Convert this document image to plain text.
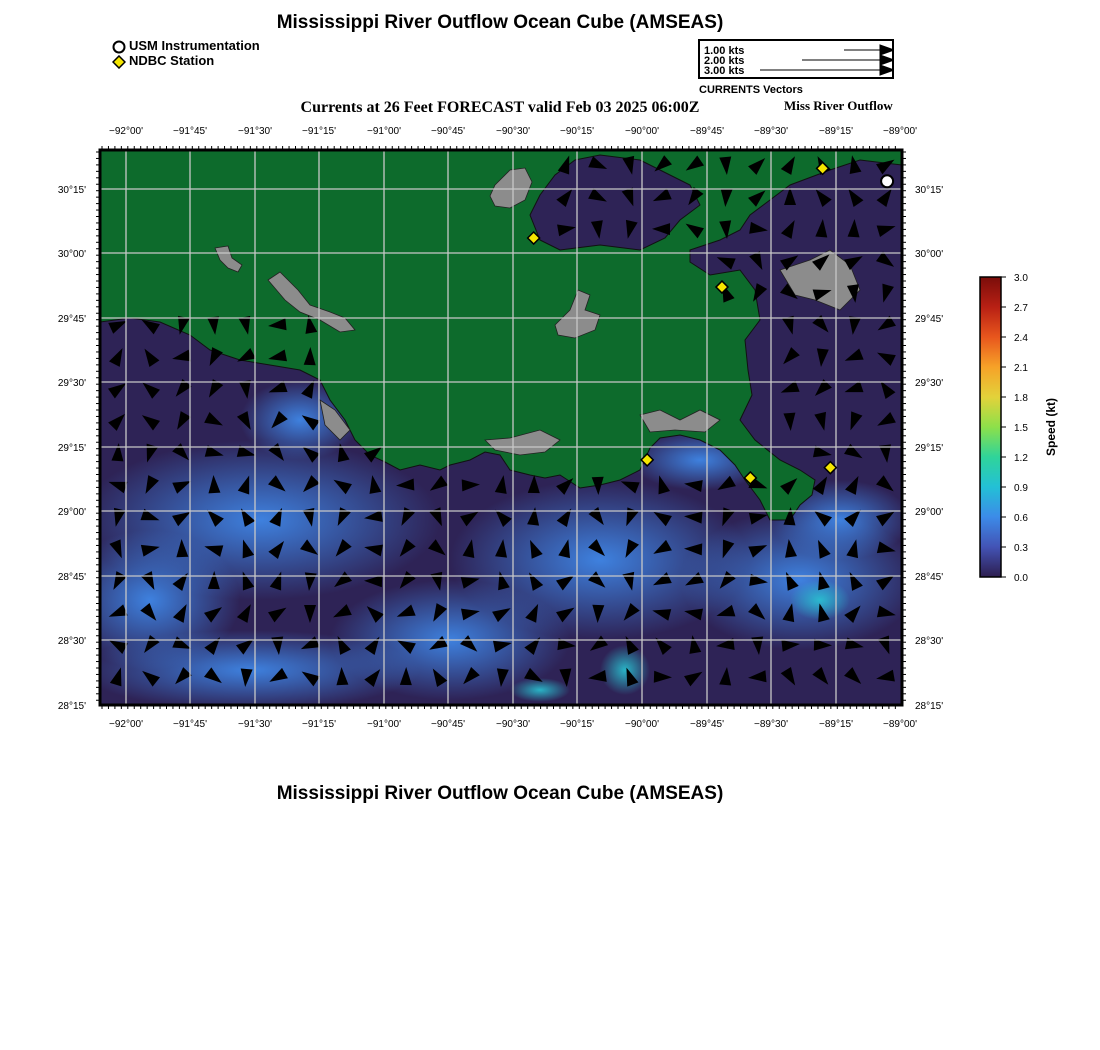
Mississippi River Outflow Ocean Cube (AMSEAS)
USM Instrumentation
NDBC Station
1.00 kts
2.00 kts
3.00 kts
CURRENTS Vectors
Currents at 26 Feet FORECAST valid Feb 03 2025 06:00Z	Miss River Outflow
−92°00'	−91°45'	−91°30'	−91°15'	−91°00'	−90°45'	−90°30'	−90°15'	−90°00'	−89°45'	−89°30'	−89°15'	−89°00'
−92°00'	−91°45'	−91°30'	−91°15'	−91°00'	−90°45'	−90°30'	−90°15'	−90°00'	−89°45'	−89°30'	−89°15'	−89°00'
30°15'
30°00'
29°45'
29°30'
29°15'
29°00'
28°45'
28°30'
28°15'
30°15'
30°00'
29°45'
29°30'
29°15'
29°00'
28°45'
28°30'
28°15'
3.0
2.7
2.4
2.1
1.8
1.5
1.2
0.9
0.6
0.3
0.0
Speed (kt)
Mississippi River Outflow Ocean Cube (AMSEAS)
